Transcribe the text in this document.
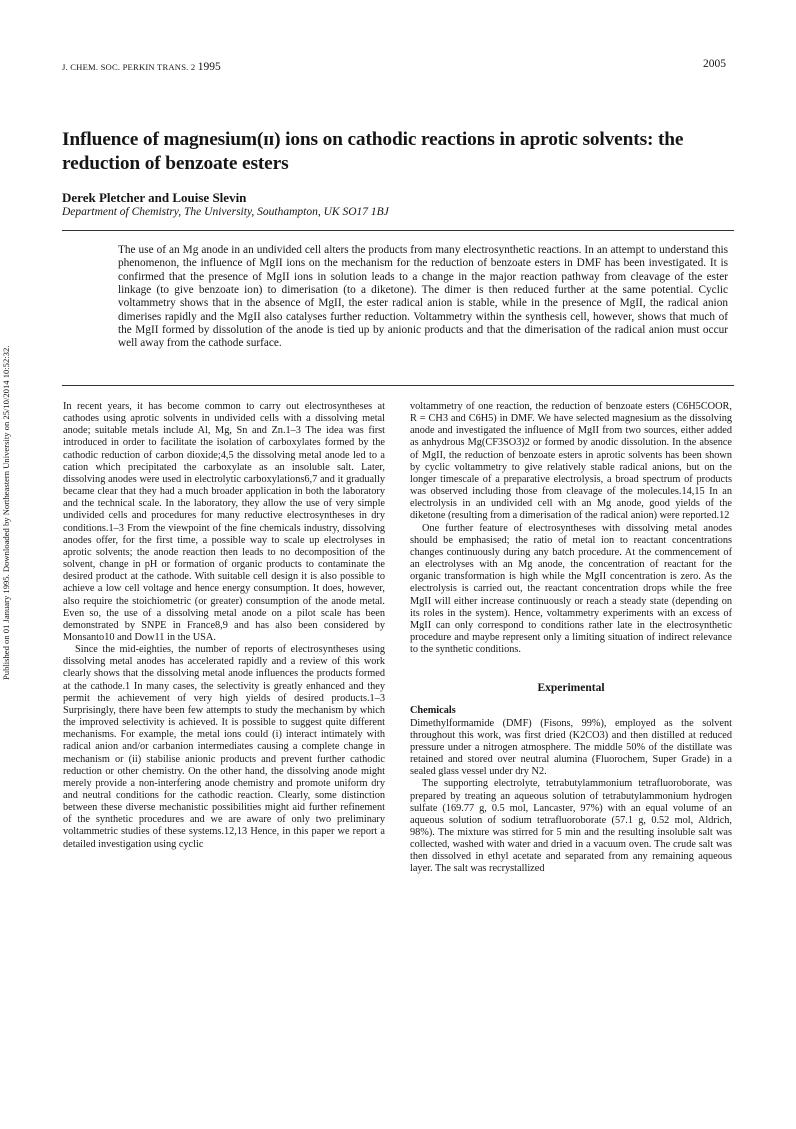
J. CHEM. SOC. PERKIN TRANS. 2 1995	2005
Influence of magnesium(ɪɪ) ions on cathodic reactions in aprotic solvents: the reduction of benzoate esters
Derek Pletcher and Louise Slevin
Department of Chemistry, The University, Southampton, UK SO17 1BJ
Published on 01 January 1995. Downloaded by Northeastern University on 25/10/2014 10:52:32.
The use of an Mg anode in an undivided cell alters the products from many electrosynthetic reactions. In an attempt to understand this phenomenon, the influence of MgII ions on the mechanism for the reduction of benzoate esters in DMF has been investigated. It is confirmed that the presence of MgII ions in solution leads to a change in the major reaction pathway from cleavage of the ester linkage (to give benzoate ion) to dimerisation (to a diketone). The dimer is then reduced further at the same potential. Cyclic voltammetry shows that in the absence of MgII, the ester radical anion is stable, while in the presence of MgII, the radical anion dimerises rapidly and the MgII also catalyses further reduction. Voltammetry within the synthesis cell, however, shows that much of the MgII formed by dissolution of the anode is tied up by anionic products and that the dimerisation of the radical anion must occur well away from the cathode surface.

In recent years, it has become common to carry out electrosyntheses at cathodes using aprotic solvents in undivided cells with a dissolving metal anode; suitable metals include Al, Mg, Sn and Zn.1–3 The idea was first introduced in order to facilitate the isolation of carboxylates formed by the cathodic reduction of carbon dioxide;4,5 the dissolving metal anode led to a cation which precipitated the carboxylate as an insoluble salt. Later, dissolving anodes were used in electrolytic carboxylations6,7 and it gradually became clear that they had a much broader application in both the laboratory and the technical scale. In the laboratory, they allow the use of very simple undivided cells and procedures for many reductive electrosyntheses in dry conditions.1–3 From the viewpoint of the fine chemicals industry, dissolving anodes offer, for the first time, a possible way to scale up electrolyses in aprotic solvents; the anode reaction then leads to no decomposition of the solvent, change in pH or formation of organic products to contaminate the desired product at the cathode. With suitable cell design it is also possible to achieve a low cell voltage and hence energy consumption. It does, however, also require the stoichiometric (or greater) consumption of the anode metal. Even so, the use of a dissolving metal anode on a pilot scale has been demonstrated by SNPE in France8,9 and has also been considered by Monsanto10 and Dow11 in the USA.

Since the mid-eighties, the number of reports of electrosyntheses using dissolving metal anodes has accelerated rapidly and a review of this work clearly shows that the dissolving metal anode influences the products formed at the cathode.1 In many cases, the selectivity is greatly enhanced and they permit the achievement of very high yields of desired products.1–3 Surprisingly, there have been few attempts to study the mechanism by which the improved selectivity is achieved. It is possible to suggest quite different mechanisms. For example, the metal ions could (i) interact intimately with radical anion and/or carbanion intermediates causing a complete change in mechanism or (ii) stabilise anionic products and prevent further cathodic reduction or other chemistry. On the other hand, the dissolving anode might merely provide a non-interfering anode chemistry and promote uniform dry and neutral conditions for the cathodic reaction. Clearly, some distinction between these diverse mechanistic possibilities might aid further refinement of the synthetic procedures and we are aware of only two preliminary voltammetric studies of these systems.12,13 Hence, in this paper we report a detailed investigation using cyclic

voltammetry of one reaction, the reduction of benzoate esters (C6H5COOR, R = CH3 and C6H5) in DMF. We have selected magnesium as the dissolving anode and investigated the influence of MgII from two sources, either added as anhydrous Mg(CF3SO3)2 or formed by anodic dissolution. In the absence of MgII, the reduction of benzoate esters in aprotic solvents has been shown by cyclic voltammetry to give relatively stable radical anions, but on the longer timescale of a preparative electrolysis, a broad spectrum of products was observed including those from cleavage of the molecules.14,15 In an electrolysis in an undivided cell with an Mg anode, good yields of the diketone (resulting from a dimerisation of the radical anion) were reported.12

One further feature of electrosyntheses with dissolving metal anodes should be emphasised; the ratio of metal ion to reactant concentrations changes continuously during any batch procedure. At the commencement of an electrolyses with an Mg anode, the concentration of reactant for the organic transformation is high while the MgII concentration is zero. As the electrolysis is carried out, the reactant concentration drops while the free MgII will either increase continuously or reach a steady state (depending on its roles in the system). Hence, voltammetry experiments with an excess of MgII can only correspond to conditions rather late in the electrosynthetic procedure and maybe represent only a limiting situation of indirect relevance to the synthetic conditions.

Experimental
Chemicals

Dimethylformamide (DMF) (Fisons, 99%), employed as the solvent throughout this work, was first dried (K2CO3) and then distilled at reduced pressure under a nitrogen atmosphere. The middle 50% of the distillate was retained and stored over neutral alumina (Fluorochem, Super Grade) in a sealed glass vessel under dry N2.

The supporting electrolyte, tetrabutylammonium tetrafluoroborate, was prepared by treating an aqueous solution of tetrabutylammonium hydrogen sulfate (169.77 g, 0.5 mol, Lancaster, 97%) with an equal volume of an aqueous solution of sodium tetrafluoroborate (57.1 g, 0.52 mol, Aldrich, 98%). The mixture was stirred for 5 min and the resulting insoluble salt was collected, washed with water and dried in a vacuum oven. The crude salt was then dissolved in ethyl acetate and separated from any remaining aqueous layer. The salt was recrystallized
